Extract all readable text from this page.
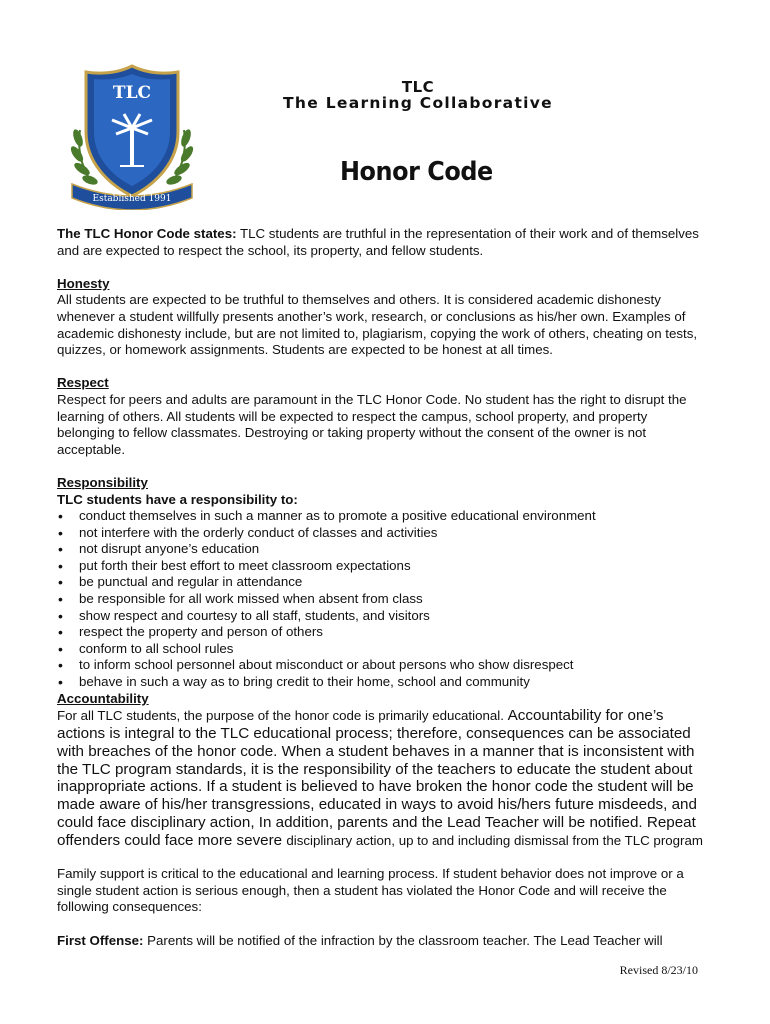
TLC
Established 1991
TLC
The Learning Collaborative
Honor Code

The TLC Honor Code states: TLC students are truthful in the representation of their work and of themselves and are expected to respect the school, its property, and fellow students.

Honesty

All students are expected to be truthful to themselves and others. It is considered academic dishonesty whenever a student willfully presents another’s work, research, or conclusions as his/her own. Examples of academic dishonesty include, but are not limited to, plagiarism, copying the work of others, cheating on tests, quizzes, or homework assignments. Students are expected to be honest at all times.

Respect

Respect for peers and adults are paramount in the TLC Honor Code. No student has the right to disrupt the learning of others. All students will be expected to respect the campus, school property, and property belonging to fellow classmates. Destroying or taking property without the consent of the owner is not acceptable.

Responsibility

TLC students have a responsibility to:

• conduct themselves in such a manner as to promote a positive educational environment
• not interfere with the orderly conduct of classes and activities
• not disrupt anyone’s education
• put forth their best effort to meet classroom expectations
• be punctual and regular in attendance
• be responsible for all work missed when absent from class
• show respect and courtesy to all staff, students, and visitors
• respect the property and person of others
• conform to all school rules
• to inform school personnel about misconduct or about persons who show disrespect
• behave in such a way as to bring credit to their home, school and community

Accountability

For all TLC students, the purpose of the honor code is primarily educational. Accountability for one’s actions is integral to the TLC educational process; therefore, consequences can be associated with breaches of the honor code. When a student behaves in a manner that is inconsistent with the TLC program standards, it is the responsibility of the teachers to educate the student about inappropriate actions. If a student is believed to have broken the honor code the student will be made aware of his/her transgressions, educated in ways to avoid his/hers future misdeeds, and could face disciplinary action, In addition, parents and the Lead Teacher will be notified. Repeat offenders could face more severe disciplinary action, up to and including dismissal from the TLC program

Family support is critical to the educational and learning process. If student behavior does not improve or a single student action is serious enough, then a student has violated the Honor Code and will receive the following consequences:

First Offense: Parents will be notified of the infraction by the classroom teacher. The Lead Teacher will

Revised 8/23/10
